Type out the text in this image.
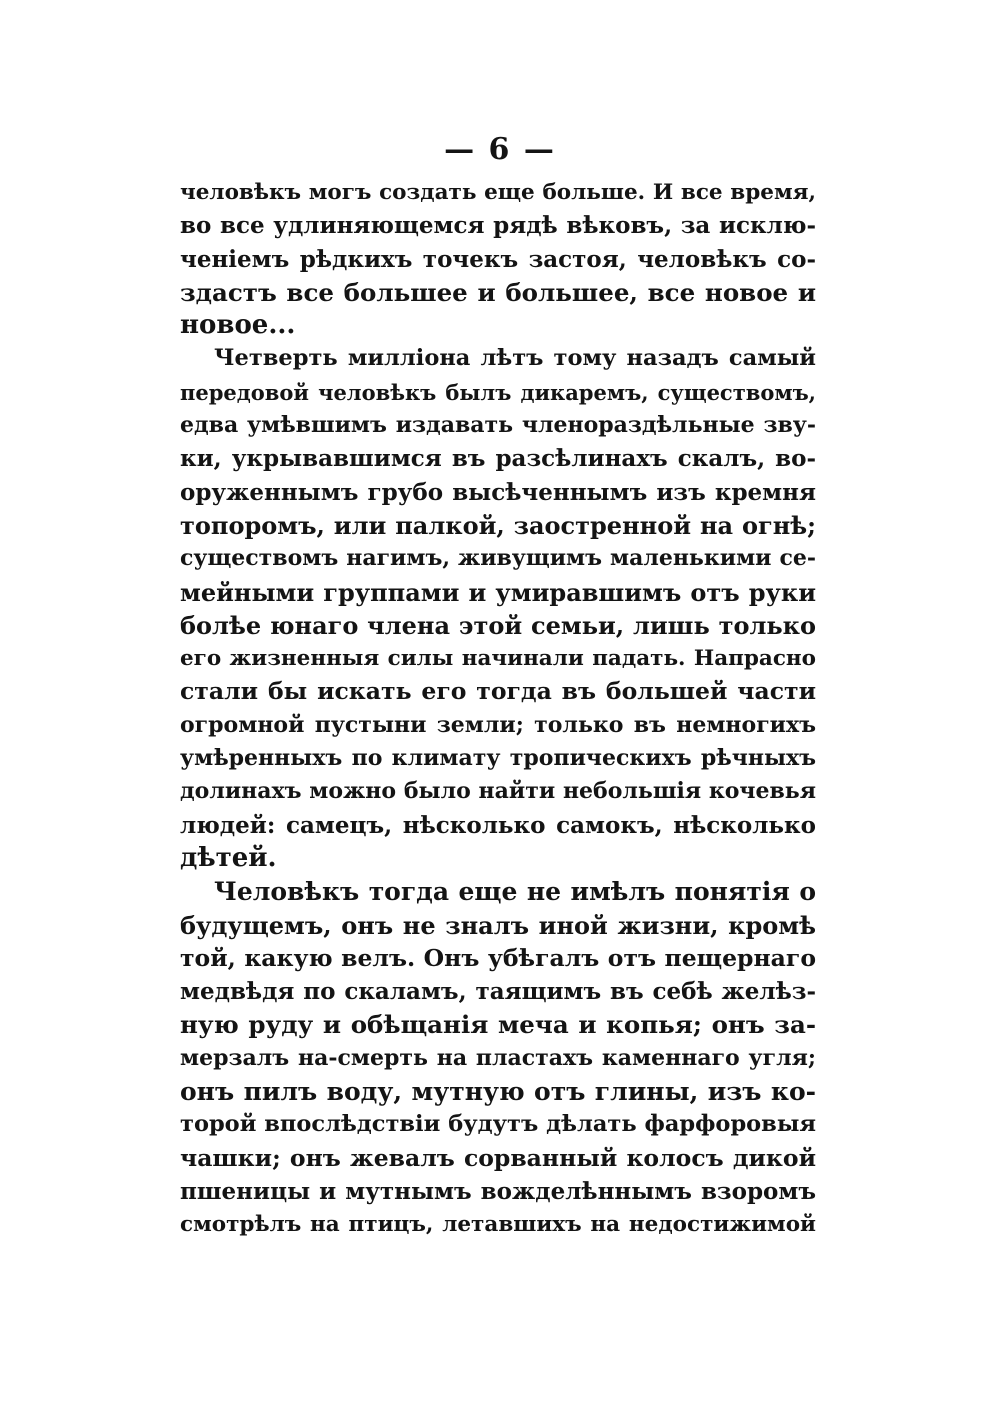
— 6 —
человѣкъ могъ создать еще больше. И все время,
во все удлиняющемся рядѣ вѣковъ, за исклю-
ченіемъ рѣдкихъ точекъ застоя, человѣкъ со-
здастъ все большее и большее, все новое и
новое...
Четверть милліона лѣтъ тому назадъ самый
передовой человѣкъ былъ дикаремъ, существомъ,
едва умѣвшимъ издавать членораздѣльные зву-
ки, укрывавшимся въ разсѣлинахъ скалъ, во-
оруженнымъ грубо высѣченнымъ изъ кремня
топоромъ, или палкой, заостренной на огнѣ;
существомъ нагимъ, живущимъ маленькими се-
мейными группами и умиравшимъ отъ руки
болѣе юнаго члена этой семьи, лишь только
его жизненныя силы начинали падать. Напрасно
стали бы искать его тогда въ большей части
огромной пустыни земли; только въ немногихъ
умѣренныхъ по климату тропическихъ рѣчныхъ
долинахъ можно было найти небольшія кочевья
людей: самецъ, нѣсколько самокъ, нѣсколько
дѣтей.
Человѣкъ тогда еще не имѣлъ понятія о
будущемъ, онъ не зналъ иной жизни, кромѣ
той, какую велъ. Онъ убѣгалъ отъ пещернаго
медвѣдя по скаламъ, таящимъ въ себѣ желѣз-
ную руду и обѣщанія меча и копья; онъ за-
мерзалъ на-смерть на пластахъ каменнаго угля;
онъ пилъ воду, мутную отъ глины, изъ ко-
торой впослѣдствіи будутъ дѣлать фарфоровыя
чашки; онъ жевалъ сорванный колосъ дикой
пшеницы и мутнымъ вожделѣннымъ взоромъ
смотрѣлъ на птицъ, летавшихъ на недостижимой
